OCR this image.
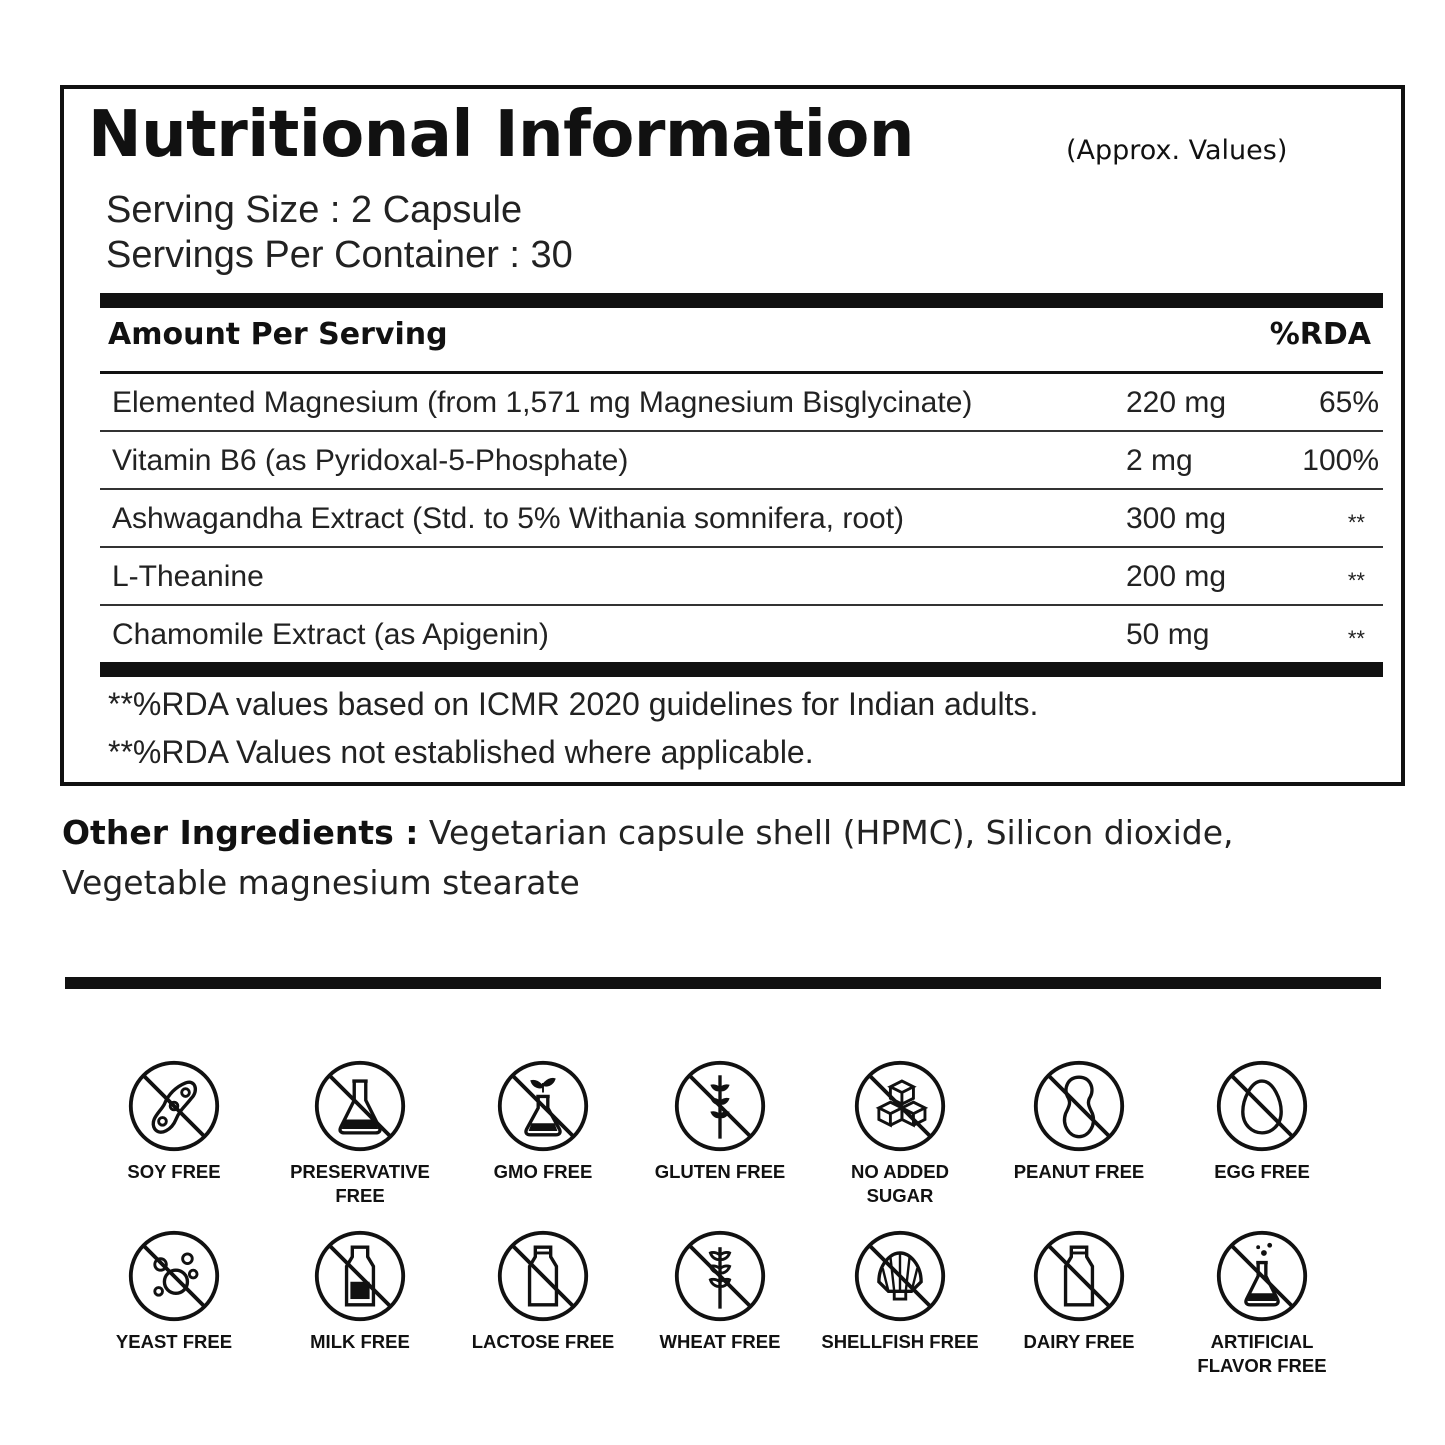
Nutritional Information	(Approx. Values)
Serving Size : 2 Capsule
Servings Per Container : 30
Amount Per Serving	%RDA
Elemented Magnesium (from 1,571 mg Magnesium Bisglycinate)	220 mg	65%
Vitamin B6 (as Pyridoxal-5-Phosphate)	2 mg	100%
Ashwagandha Extract (Std. to 5% Withania somnifera, root)	300 mg	**
L-Theanine	200 mg	**
Chamomile Extract (as Apigenin)	50 mg	**
**%RDA values based on ICMR 2020 guidelines for Indian adults.
**%RDA Values not established where applicable.
Other Ingredients : Vegetarian capsule shell (HPMC), Silicon dioxide, Vegetable magnesium stearate
SOY FREE	PRESERVATIVE FREE
GMO FREE	GLUTEN FREE	NO ADDED SUGAR
PEANUT FREE	EGG FREE
YEAST FREE	MILK FREE	LACTOSE FREE	WHEAT FREE	SHELLFISH FREE	DAIRY FREE	ARTIFICIAL FLAVOR FREE
